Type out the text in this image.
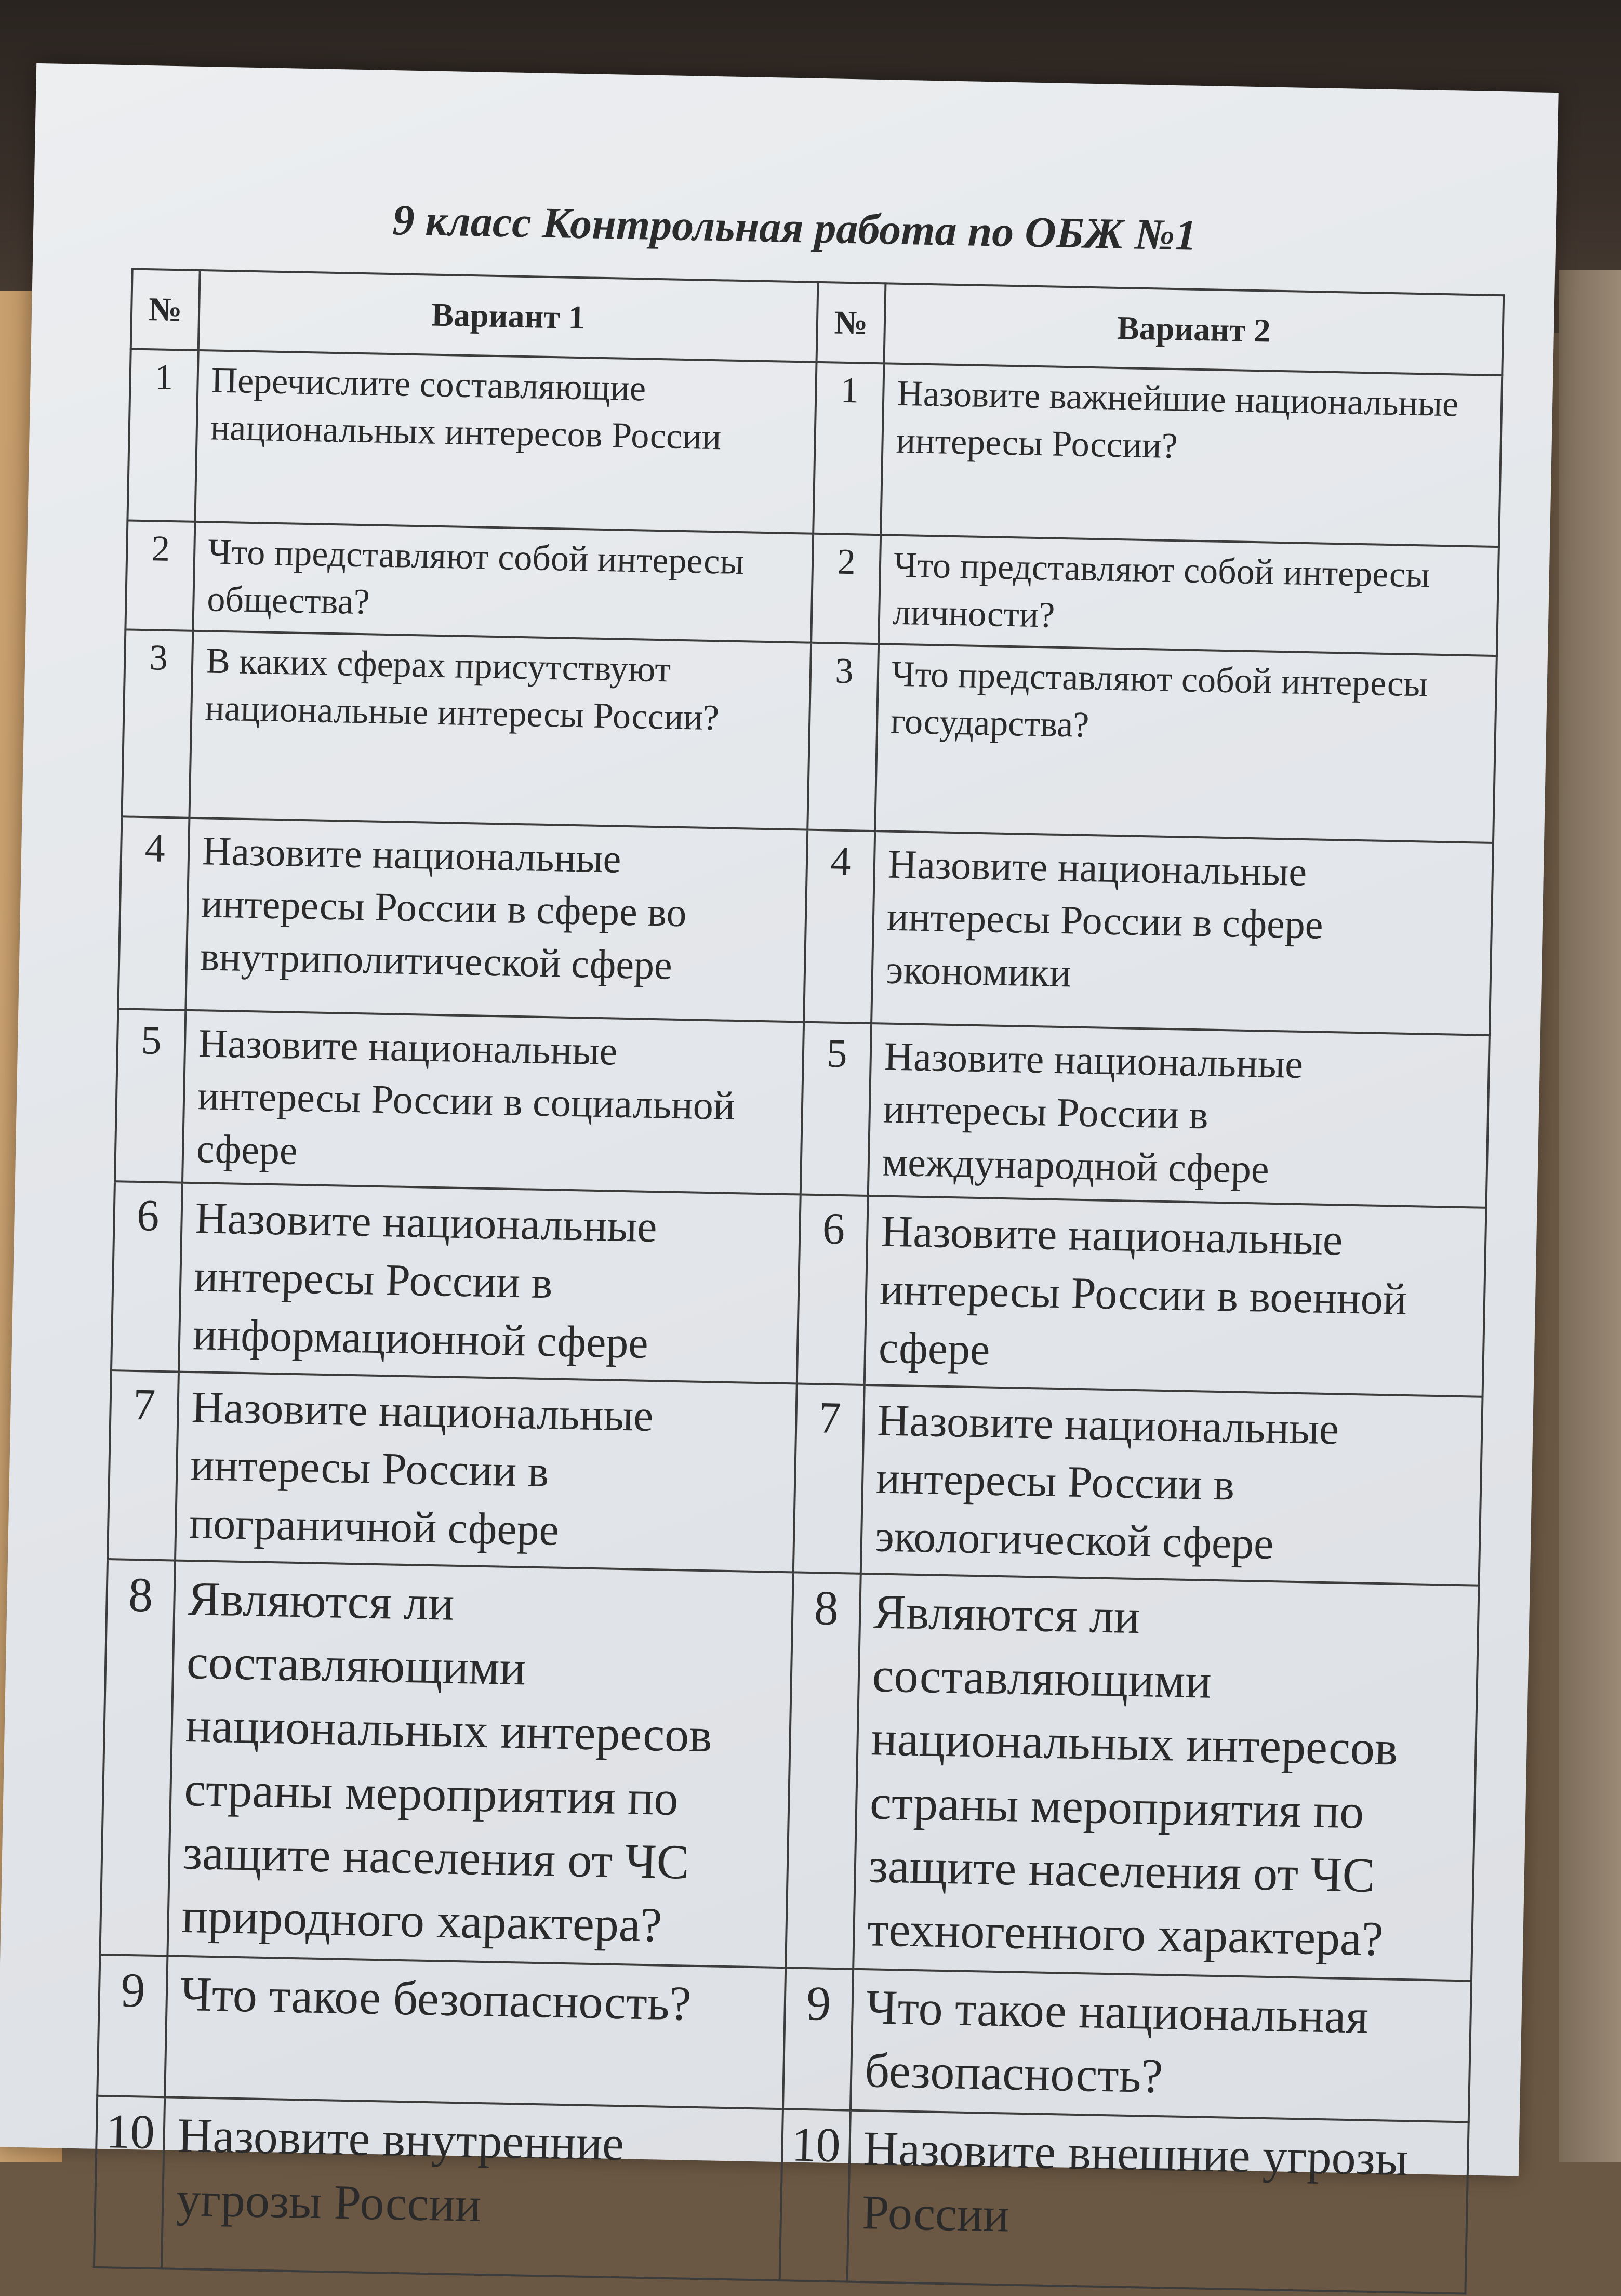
9 класс Контрольная работа по ОБЖ №1
№	Вариант 1	№	Вариант 2
1	Перечислите составляющие национальных интересов России	1	Назовите важнейшие национальные интересы России?
2	Что представляют собой интересы общества?	2	Что представляют собой интересы личности?
3	В каких сферах присутствуют национальные интересы России?	3	Что представляют собой интересы государства?
4	Назовите национальные интересы России в сфере во внутриполитической сфере	4	Назовите национальные интересы России в сфере экономики
5	Назовите национальные интересы России в социальной сфере	5	Назовите национальные интересы России в международной сфере
6	Назовите национальные интересы России в информационной сфере	6	Назовите национальные интересы России в военной сфере
7	Назовите национальные интересы России в пограничной сфере	7	Назовите национальные интересы России в экологической сфере
8	Являются ли составляющими национальных интересов страны мероприятия по защите населения от ЧС природного характера?	8	Являются ли составляющими национальных интересов страны мероприятия по защите населения от ЧС техногенного характера?
9	Что такое безопасность?	9	Что такое национальная безопасность?
10	Назовите внутренние угрозы России	10	Назовите внешние угрозы России
